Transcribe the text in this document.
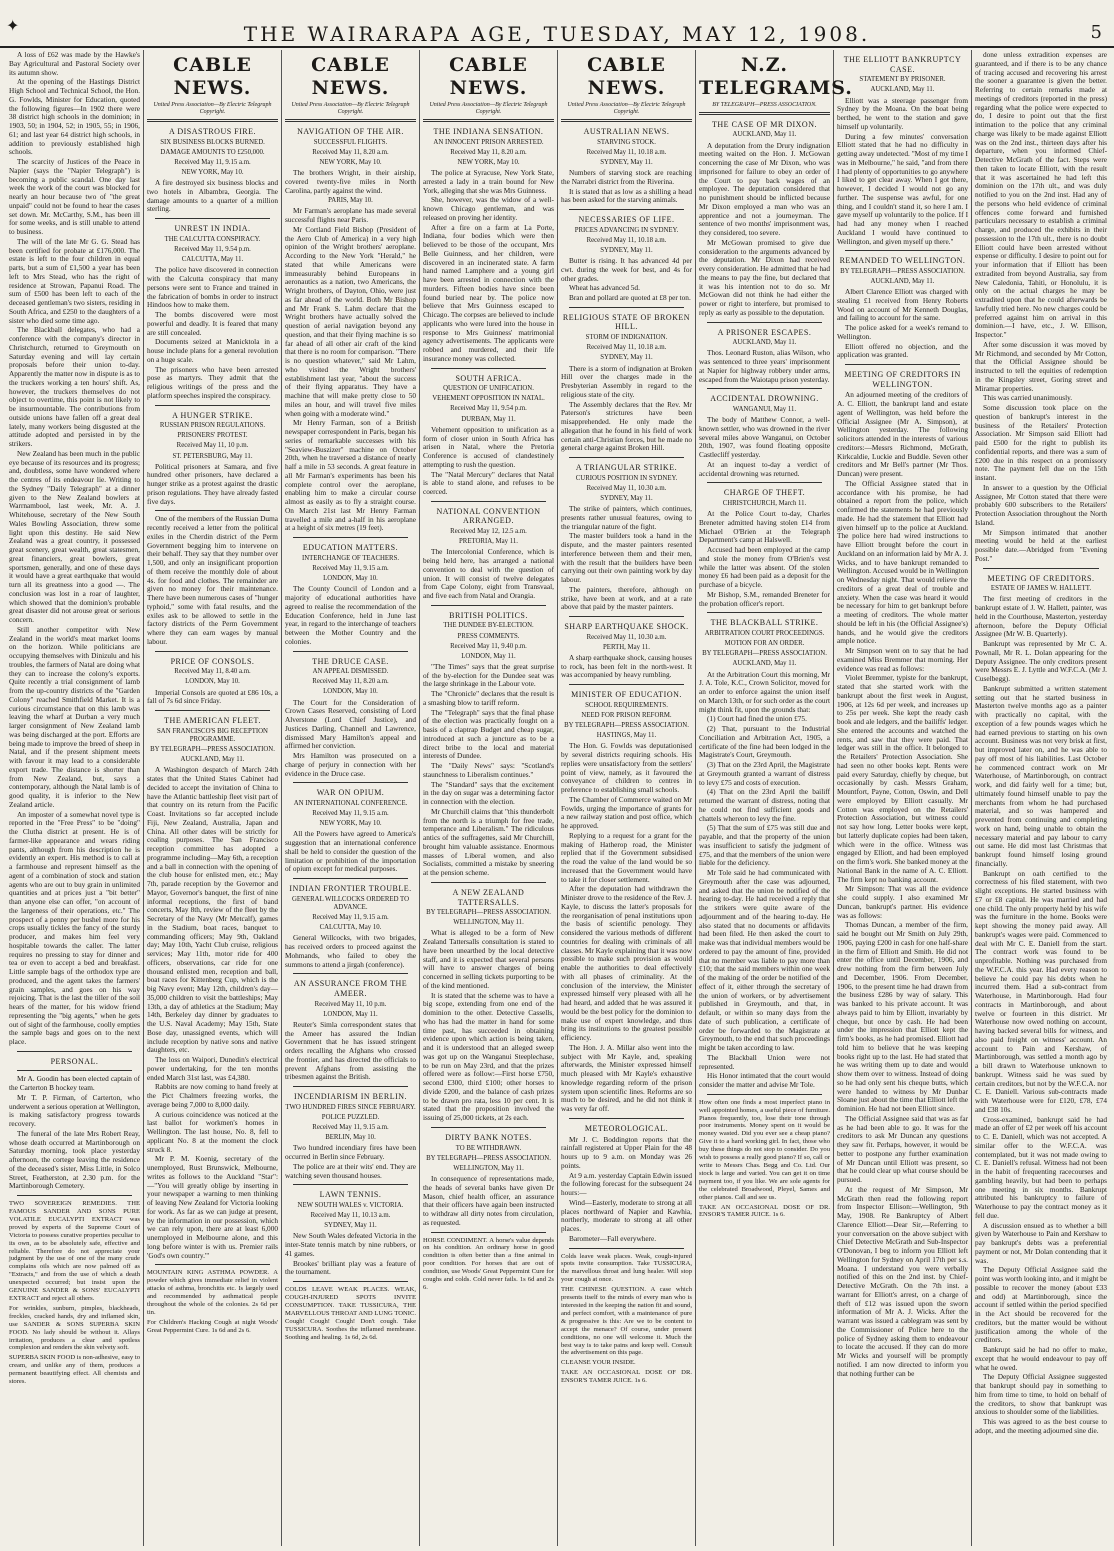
✦	THE WAIRARAPA AGE, TUESDAY, MAY 12, 1908.	5
A loss of £62 was made by the Hawke's Bay Agricultural and Pastoral Society over its autumn show.
At the opening of the Hastings District High School and Technical School, the Hon. G. Fowlds, Minister for Education, quoted the following figures—In 1902 there were 38 district high schools in the dominion; in 1903, 50; in 1904, 52; in 1905, 55; in 1906, 61; and last year 64 district high schools, in addition to previously established high schools.
The scarcity of Justices of the Peace in Napier (says the "Napier Telegraph") is becoming a public scandal. One day last week the work of the court was blocked for nearly an hour because two of "the great unpaid" could not be found to hear the cases set down. Mr. McCarthy, S.M., has been ill for some weeks, and is still unable to attend to business.
The will of the late Mr G. G. Stead has been certified for probate at £176,000. The estate is left to the four children in equal parts, but a sum of £1,500 a year has been left to Mrs Stead, who has the right of residence at Strowan, Papanui Road. The sum of £500 has been left to each of the deceased gentleman's two sisters, residing in South Africa, and £250 to the daughters of a sister who died some time ago.
The Blackball delegates, who had a conference with the company's director in Christchurch, returned to Greymouth on Saturday evening and will lay certain proposals before their union to-day. Apparently the matter now in dispute is as to the truckers working a ten hours' shift. As, however, the truckers themselves do not object to overtime, this point is not likely to be insurmountable. The contributions from outside unions have fallen off a great deal lately, many workers being disgusted at the attitude adopted and persisted in by the strikers.
New Zealand has been much in the public eye because of its resources and its progress; and, doubtless, some have wondered where the centres of its endeavour lie. Writing to the Sydney "Daily Telegraph" at a dinner given to the New Zealand bowlers at Warrnambool, last week, Mr. A. J. Whitehouse, secretary of the New South Wales Bowling Association, threw some light upon this destiny. He said New Zealand was a great country, it possessed great scenery, great wealth, great statesmen, great financiers, great bowlers, great sportsmen, generally, and one of these days it would have a great earthquake that would turn all its greatness into a good —. The conclusion was lost in a roar of laughter, which showed that the dominion's probable great disaster did not arouse great or serious concern.
Still another competitor with New Zealand in the world's meat market looms on the horizon. While politicians are occupying themselves with Dinizulu and his troubles, the farmers of Natal are doing what they can to increase the colony's exports. Quite recently a trial consignment of lamb from the up-country districts of the "Garden Colony" reached Smithfield Market. It is a curious circumstance that on this lamb was leaving the wharf at Durban a very much larger consignment of New Zealand lamb was being discharged at the port. Efforts are being made to improve the breed of sheep in Natal, and if the present shipment meets with favour it may lead to a considerable export trade. The distance is shorter than from New Zealand, but, says a contemporary, although the Natal lamb is of good quality, it is inferior to the New Zealand article.
An imposter of a somewhat novel type is reported in the "Free Press" to be "doing" the Clutha district at present. He is of farmer-like appearance and wears riding pants, although from his description he is evidently an expert. His method is to call at a farmhouse and represent himself as the agent of a combination of stock and station agents who are out to buy grain in unlimited quantities and at prices just a "bit better" than anyone else can offer, "on account of the largeness of their operations, etc." The prospect of a penny per bushel more for his crops usually tickles the fancy of the sturdy producer, and makes him feel very hospitable towards the caller. The latter requires no pressing to stay for dinner and tea or even to accept a bed and breakfast. Little sample bags of the orthodox type are produced, and the agent takes the farmers' grain samples, and goes on his way rejoicing. That is the last the tiller of the soil hears of the matter, for his widow friend representing the "big agents," when he gets out of sight of the farmhouse, coolly empties the sample bags and goes on to the next place.
PERSONAL.
Mr A. Goodin has been elected captain of the Carterton B hockey team.
Mr T. P. Firman, of Carterton, who underwent a serious operation at Wellington, is making satisfactory progress towards recovery.
The funeral of the late Mrs Robert Reay, whose death occurred at Martinborough on Saturday morning, took place yesterday afternoon, the cortege leaving the residence of the deceased's sister, Miss Little, in Solco Street, Featherston, at 2.30 p.m. for the Martinborough Cemetery.
TWO SOVEREIGN REMEDIES. THE FAMOUS SANDER AND SONS PURE VOLATILE EUCALYPTI EXTRACT was proved by experts of the Supreme Court of Victoria to possess curative properties peculiar to its own, as to be absolutely safe, effective and reliable. Therefore do not appreciate your judgment by the use of one of the many crude complains oils which are now palmed off as "Extracts," and from the use of which a death unexpected occurred; but insist upon the GENUINE SANDER & SONS' EUCALYPTI EXTRACT and reject all others.
For wrinkles, sunburn, pimples, blackheads, freckles, cracked hands, dry and inflamed skin, use SANDER & SONS SUPERBA SKIN FOOD. No lady should be without it. Allays irritation, produces a clear and spotless complexion and renders the skin velvety soft.
SUPERBA SKIN FOOD is non-adhesive, easy to cream, and unlike any of them, produces a permanent beautifying effect. All chemists and stores.
CABLE NEWS.
United Press Association—By Electric Telegraph Copyright.
A DISASTROUS FIRE.
SIX BUSINESS BLOCKS BURNED.
DAMAGE AMOUNTS TO £250,000.
Received May 11, 9.15 a.m.
NEW YORK, May 10.
A fire destroyed six business blocks and two hotels in Albambra, Georgia. The damage amounts to a quarter of a million sterling.
UNREST IN INDIA.
THE CALCUTTA CONSPIRACY.
Received May 11, 9.54 p.m.
CALCUTTA, May 11.
The police have discovered in connection with the Calcutta conspiracy that many persons were sent to France and trained in the fabrication of bombs in order to instruct Hindoos how to make them.
The bombs discovered were most powerful and deadly. It is feared that many are still concealed.
Documents seized at Manicktola in a house include plans for a general revolution on a huge scale.
The prisoners who have been arrested pose as martyrs. They admit that the religious writings of the press and the platform speeches inspired the conspiracy.
A HUNGER STRIKE.
RUSSIAN PRISON REGULATIONS.
PRISONERS' PROTEST.
Received May 11, 10 p.m.
ST. PETERSBURG, May 11.
Political prisoners at Samara, and five hundred other prisoners, have declared a hunger strike as a protest against the drastic prison regulations. They have already fasted five days.
One of the members of the Russian Duma recently received a letter from the political exiles in the Cherdin district of the Perm Government begging him to intervene on their behalf. They say that they number over 1,500, and only an insignificant proportion of them receive the monthly dole of about 4s. for food and clothes. The remainder are given no money for their maintenance. There have been numerous cases of "hunger typhoid," some with fatal results, and the exiles ask to be allowed to settle in the factory districts of the Perm Government where they can earn wages by manual labour.
PRICE OF CONSOLS.
Received May 11, 8.40 a.m.
LONDON, May 10.
Imperial Consols are quoted at £86 10s, a fall of 7s 6d since Friday.
THE AMERICAN FLEET.
SAN FRANCISCO'S BIG RECEPTION PROGRAMME.
BY TELEGRAPH—PRESS ASSOCIATION.
AUCKLAND, May 11.
A Washington despatch of March 24th states that the United States Cabinet had decided to accept the invitation of China to have the Atlantic battleship fleet visit part of that country on its return from the Pacific Coast. Invitations so far accepted include Fiji, New Zealand, Australia, Japan and China. All other dates will be strictly for coaling purposes. The San Francisco reception committee has adopted a programme including—May 6th, a reception and a ball in connection with the opening of the club house for enlisted men, etc.; May 7th, parade reception by the Governor and Mayor, Governor's banquet, the first of nine informal receptions, the first of band concerts, May 8th, review of the fleet by the Secretary of the Navy (Mr Metcalf), games in the Stadium, boat races, banquet to commanding officers; May 9th, Oakland day; May 10th, Yacht Club cruise, religious services; May 11th, motor ride for 400 officers, observations, car ride for one thousand enlisted men, reception and ball, boat races for Kittenberg Cup, which is the big Navy event; May 12th, children's day—35,000 children to visit the battleships; May 13th, a day of athletics at the Stadium; May 14th, Berkeley day dinner by graduates to the U.S. Naval Academy; May 15th, State Bose day, unassigned events, which will include reception by native sons and native daughters, etc.
The loss on Waipori, Dunedin's electrical power undertaking, for the ten months ended March 31st last, was £4,380.
Rabbits are now coming to hand freely at the Pict Chalmers freezing works, the average being 7,000 to 8,000 daily.
A curious coincidence was noticed at the last ballot for workmen's homes in Wellington. The last house, No. 8, fell to applicant No. 8 at the moment the clock struck 8.
Mr P. M. Koenig, secretary of the unemployed, Rust Brunswick, Melbourne, writes as follows to the Auckland "Star":—"You will greatly oblige by inserting in your newspaper a warning to men thinking of leaving New Zealand for Victoria looking for work. As far as we can judge at present, by the information in our possession, which we can rely upon, there are at least 6,000 unemployed in Melbourne alone, and this long before winter is with us. Premier rails 'God's own country.'"
MOUNTAIN KING ASTHMA POWDER. A powder which gives immediate relief in violent attacks of asthma, bronchitis etc. Is largely used and recommended by asthmatical people throughout the whole of the colonies. 2s 6d per tin.
For Children's Hacking Cough at night Woods' Great Peppermint Cure. 1s 6d and 2s 6.
CABLE NEWS.
United Press Association—By Electric Telegraph Copyright.
NAVIGATION OF THE AIR.
SUCCESSFUL FLIGHTS.
Received May 11, 8.20 a.m.
NEW YORK, May 10.
The brothers Wright, in their airship, covered twenty-five miles in North Carolina, partly against the wind.
PARIS, May 10.
Mr Farman's aeroplane has made several successful flights near Paris.
Mr Cortland Field Bishop (President of the Aero Club of America) in a very high opinion of the Wright brothers' aeroplane. According to the New York "Herald," he stated that while Americans were immeasurably behind Europeans in aeronautics as a nation, two Americans, the Wright brothers, of Dayton, Ohio, were just as far ahead of the world. Both Mr Bishop and Mr Frank S. Lahm declare that the Wright brothers have actually solved the question of aerial navigation beyond any question, and that their flying machine is so far ahead of all other air craft of the kind that there is no room for comparison. "There is no question whatever," said Mr Lahm, who visited the Wright brothers' establishment last year, "about the success of their flying apparatus. They have a machine that will make pretty close to 50 miles an hour, and will travel five miles when going with a moderate wind."
Mr Henry Farman, son of a British newspaper correspondent in Paris, began his series of remarkable successes with his "Seaview-Buszizer" machine on October 20th, when he traversed a distance of nearly half a mile in 53 seconds. A great feature in all Mr Farman's experiments has been his complete control over the aeroplane, enabling him to make a circular course almost as easily as to fly a straight course. On March 21st last Mr Henry Farman travelled a mile and a-half in his aeroplane at a height of six metres (19 feet).
EDUCATION MATTERS.
INTERCHANGE OF TEACHERS.
Received May 11, 9.15 a.m.
LONDON, May 10.
The County Council of London and a majority of educational authorities have agreed to realise the recommendation of the Education Conference, held in June last year, in regard to the interchange of teachers between the Mother Country and the colonies.
THE DRUCE CASE.
AN APPEAL DISMISSED.
Received May 11, 8.20 a.m.
LONDON, May 10.
The Court for the Consideration of Crown Cases Reserved, consisting of Lord Alverstone (Lord Chief Justice), and Justices Darling, Channell and Lawrence, dismissed Mary Hamilton's appeal and affirmed her conviction.
Mrs Hamilton was prosecuted on a charge of perjury in connection with her evidence in the Druce case.
WAR ON OPIUM.
AN INTERNATIONAL CONFERENCE.
Received May 11, 9.15 a.m.
NEW YORK, May 10.
All the Powers have agreed to America's suggestion that an international conference shall be held to consider the question of the limitation or prohibition of the importation of opium except for medical purposes.
INDIAN FRONTIER TROUBLE.
GENERAL WILLCOCKS ORDERED TO ADVANCE.
Received May 11, 9.15 a.m.
CALCUTTA, May 10.
General Willcocks, with two brigades, has received orders to proceed against the Mohmands, who failed to obey the summons to attend a jirgah (conference).
AN ASSURANCE FROM THE AMEER.
Received May 11, 10 p.m.
LONDON, May 11.
Reuter's Simla correspondent states that the Ameer has assured the Indian Government that he has issued stringent orders recalling the Afghans who crossed the frontier, and has directed the officials to prevent Afghans from assisting the tribesmen against the British.
INCENDIARISM IN BERLIN.
TWO HUNDRED FIRES SINCE FEBRUARY.
POLICE PUZZLED.
Received May 11, 9.15 a.m.
BERLIN, May 10.
Two hundred incendiary fires have been occurred in Berlin since February.
The police are at their wits' end. They are watching seven thousand houses.
LAWN TENNIS.
NEW SOUTH WALES v. VICTORIA.
Received May 11, 10.13 a.m.
SYDNEY, May 11.
New South Wales defeated Victoria in the inter-State tennis match by nine rubbers, or 41 games.
Brookes' brilliant play was a feature of the tournament.
COLDS LEAVE WEAK PLACES. WEAK, COUGH-INJURED SPOTS INVITE CONSUMPTION. TAKE TUSSICURA, THE MARVELLOUS THROAT AND LUNG TONIC. Cough! Cough! Cough! Don't cough. Take TUSSICURA. Soothes the inflamed membrane. Soothing and healing. 1s 6d, 2s 6d.
CABLE NEWS.
United Press Association—By Electric Telegraph Copyright.
THE INDIANA SENSATION.
AN INNOCENT PRISON ARRESTED.
Received May 11, 8.20 a.m.
NEW YORK, May 10.
The police at Syracuse, New York State, arrested a lady in a train bound for New York, alleging that she was Mrs Guinness.
She, however, was the widow of a well-known Chicago gentleman, and was released on proving her identity.
After a fire on a farm at La Porte, Indiana, four bodies which were then believed to be those of the occupant, Mrs Belle Guinness, and her children, were discovered in an incinerated state. A farm hand named Lamphere and a young girl have been arrested in connection with the murders. Fifteen bodies have since been found buried near by. The police now believe that Mrs Guinness escaped to Chicago. The corpses are believed to include applicants who were lured into the house in response to Mrs Guinness' matrimonial agency advertisements. The applicants were robbed and murdered, and their life insurance money was collected.
SOUTH AFRICA.
QUESTION OF UNIFICATION.
VEHEMENT OPPOSITION IN NATAL.
Received May 11, 9.54 p.m.
DURBAN, May 11.
Vehement opposition to unification as a form of closer union in South Africa has arisen in Natal, where the Pretoria Conference is accused of clandestinely attempting to rush the question.
The "Natal Mercury" declares that Natal is able to stand alone, and refuses to be coerced.
NATIONAL CONVENTION ARRANGED.
Received May 12, 12.5 a.m.
PRETORIA, May 11.
The Intercolonial Conference, which is being held here, has arranged a national convention to deal with the question of union. It will consist of twelve delegates from Cape Colony, eight from Transvaal, and five each from Natal and Orangia.
BRITISH POLITICS.
THE DUNDEE BY-ELECTION.
PRESS COMMENTS.
Received May 11, 9.40 p.m.
LONDON, May 11.
"The Times" says that the great surprise of the by-election for the Dundee seat was the large shrinkage in the Labour vote.
The "Chronicle" declares that the result is a smashing blow to tariff reform.
The "Telegraph" says that the final phase of the election was practically fought on a basis of a claptrap Budget and cheap sugar, introduced at such a juncture as to be a direct bribe to the local and material interests of Dundee.
The "Daily News" says: "Scotland's staunchness to Liberalism continues."
The "Standard" says that the excitement in the day on sugar was a determining factor in connection with the election.
Mr Churchill claims that "this thunderbolt from the north is a triumph for free trade, temperance and Liberalism." The ridiculous antics of the suffragettes, said Mr Churchill, brought him valuable assistance. Enormous masses of Liberal women, and also Socialists, committed a mistake by sneering at the pension scheme.
A NEW ZEALAND TATTERSALLS.
BY TELEGRAPH—PRESS ASSOCIATION.
WELLINGTON, May 11.
What is alleged to be a form of New Zealand Tattersalls consultation is stated to have been unearthed by the local detective staff, and it is expected that several persons will have to answer charges of being concerned in selling tickets purporting to be of the kind mentioned.
It is stated that the scheme was to have a big scope, extending from one end of the dominion to the other. Detective Cassells, who has had the matter in hand for some time past, has succeeded in obtaining evidence upon which action is being taken, and it is understood that an alleged sweep was got up on the Wanganui Steeplechase, to be run on May 23rd, and that the prizes offered were as follow:—First horse £750, second £300, third £100; other horses to divide £200, and the balance of cash prizes to be drawn pro rata, less 10 per cent. It is stated that the proposition involved the issuing of 25,000 tickets, at 2s each.
DIRTY BANK NOTES.
TO BE WITHDRAWN.
BY TELEGRAPH—PRESS ASSOCIATION.
WELLINGTON, May 11.
In consequence of representations made, the heads of several banks have given Dr Mason, chief health officer, an assurance that their officers have again been instructed to withdraw all dirty notes from circulation, as requested.
HORSE CONDIMENT. A horse's value depends on his condition. An ordinary horse in good condition is often better than a fine animal in poor condition. For horses that are out of condition, use Woods' Great Peppermint Cure for coughs and colds. Cold never fails. 1s 6d and 2s 6.
CABLE NEWS.
United Press Association—By Electric Telegraph Copyright.
AUSTRALIAN NEWS.
STARVING STOCK.
Received May 11, 10.18 a.m.
SYDNEY, May 11.
Numbers of starving stock are reaching the Narrabri district from the Riverina.
It is stated that as low as a shilling a head has been asked for the starving animals.
NECESSARIES OF LIFE.
PRICES ADVANCING IN SYDNEY.
Received May 11, 10.18 a.m.
SYDNEY, May 11.
Butter is rising. It has advanced 4d per cwt. during the week for best, and 4s for other grades.
Wheat has advanced 5d.
Bran and pollard are quoted at £8 per ton.
RELIGIOUS STATE OF BROKEN HILL.
STORM OF INDIGNATION.
Received May 11, 10.18 a.m.
SYDNEY, May 11.
There is a storm of indignation at Broken Hill over the charges made in the Presbyterian Assembly in regard to the religious state of the city.
The Assembly declares that the Rev. Mr Paterson's strictures have been misapprehended. He only made the allegation that he found in his field of work certain anti-Christian forces, but he made no general charge against Broken Hill.
A TRIANGULAR STRIKE.
CURIOUS POSITION IN SYDNEY.
Received May 11, 10.30 a.m.
SYDNEY, May 11.
The strike of painters, which continues, presents rather unusual features, owing to the triangular nature of the fight.
The master builders took a hand in the dispute, and the master painters resented interference between them and their men, with the result that the builders have been carrying out their own painting work by day labour.
The painters, therefore, although on strike, have been at work, and at a rate above that paid by the master painters.
SHARP EARTHQUAKE SHOCK.
Received May 11, 10.30 a.m.
PERTH, May 11.
A sharp earthquake shock, causing houses to rock, has been felt in the north-west. It was accompanied by heavy rumbling.
MINISTER OF EDUCATION.
SCHOOL REQUIREMENTS.
NEED FOR PRISON REFORM.
BY TELEGRAPH—PRESS ASSOCIATION.
HASTINGS, May 11.
The Hon. G. Fowlds was deputationised by several districts requiring schools. His replies were unsatisfactory from the settlers' point of view, namely, as it favoured the conveyance of children to centres in preference to establishing small schools.
The Chamber of Commerce waited on Mr Fowlds, urging the importance of grants for a new railway station and post office, which he approved.
Replying to a request for a grant for the making of Hatherop road, the Minister replied that if the Government subsidised the road the value of the land would be so increased that the Government would have to take it for closer settlement.
After the deputation had withdrawn the Minister drove to the residence of the Rev. J. Kayle, to discuss the latter's proposals for the reorganisation of penal institutions upon the basis of scientific penology. They considered the various methods of different countries for dealing with criminals of all classes. Mr Kayle explaining that it was now possible to make such provision as would enable the authorities to deal effectively with all phases of criminality. At the conclusion of the interview, the Minister expressed himself very pleased with all he had heard, and added that he was assured it would be the best policy for the dominion to make use of expert knowledge, and thus bring its institutions to the greatest possible efficiency.
The Hon. J. A. Millar also went into the subject with Mr Kayle, and, speaking afterwards, the Minister expressed himself much pleased with Mr Kayle's exhaustive knowledge regarding reform of the prison system upon scientific lines. Reforms are so much to be desired, and he did not think it was very far off.
METEOROLOGICAL.
Mr J. C. Boddington reports that the rainfall registered at Upper Plain for the 48 hours up to 9 a.m. on Monday was 26 points.
At 9 a.m. yesterday Captain Edwin issued the following forecast for the subsequent 24 hours:—
Wind—Easterly, moderate to strong at all places northward of Napier and Kawhia, northerly, moderate to strong at all other places.
Barometer—Fall everywhere.
Colds leave weak places. Weak, cough-injured spots invite consumption. Take TUSSICURA, the marvellous throat and lung healer. Will stop your cough at once.
THE CHINESE QUESTION. A case which presents itself to the minds of every man who is interested in the keeping the nation fit and sound, and perfect comfort, with a maintenance of pure & progressive is this: Are we to be content to accept the menace? Of course, under present conditions, no one will welcome it. Much the best way is to take pains and keep well. Consult the advertisement on this page.
CLEANSE YOUR INSIDE.
TAKE AN OCCASIONAL DOSE OF DR. ENSOR'S TAMER JUICE. 1s 6.
N.Z. TELEGRAMS.
BY TELEGRAPH—PRESS ASSOCIATION.
THE CASE OF MR DIXON.
AUCKLAND, May 11.
A deputation from the Drury indignation meeting waited on the Hon. J. McGowan concerning the case of Mr Dixon, who was imprisoned for failure to obey an order of the Court to pay back wages of an employee. The deputation considered that no punishment should be inflicted because Mr Dixon employed a man who was an apprentice and not a journeyman. The sentence of two months' imprisonment was, they considered, too severe.
Mr McGowan promised to give due consideration to the arguments advanced by the deputation. Mr Dixon had received every consideration. He admitted that he had the means to pay the fine, but declared that it was his intention not to do so. Mr McGowan did not think he had either the power or right to interfere, but promised to reply as early as possible to the deputation.
A PRISONER ESCAPES.
AUCKLAND, May 11.
Thos. Leonard Ruston, alias Wilson, who was sentenced to three years' imprisonment at Napier for highway robbery under arms, escaped from the Waiotapu prison yesterday.
ACCIDENTAL DROWNING.
WANGANUI, May 11.
The body of Matthew Connor, a well-known settler, who was drowned in the river several miles above Wanganui, on October 20th, 1907, was found floating opposite Castlecliff yesterday.
At an inquest to-day a verdict of accidental drowning was returned.
CHARGE OF THEFT.
CHRISTCHURCH, March 11.
At the Police Court to-day, Charles Breneter admitted having stolen £14 from Michael O'Brien at the Telegraph Department's camp at Halswell.
Accused had been employed at the camp and stole the money from O'Brien's vest while the latter was absent. Of the stolen money £6 had been paid as a deposit for the purchase of a bicycle.
Mr Bishop, S.M., remanded Breneter for the probation officer's report.
THE BLACKBALL STRIKE.
ARBITRATION COURT PROCEEDINGS.
MOTION FOR AN ORDER.
BY TELEGRAPH—PRESS ASSOCIATION.
AUCKLAND, May 11.
At the Arbitration Court this morning, Mr J. A. Tole, K.C., Crown Solicitor, moved for an order to enforce against the union itself on March 13th, or for such order as the court might think fit, upon the grounds that:
(1) Court had fined the union £75.
(2) That, pursuant to the Industrial Conciliation and Arbitration Act, 1905, a certificate of the fine had been lodged in the Magistrate's Court, Greymouth.
(3) That on the 23rd April, the Magistrate at Greymouth granted a warrant of distress to levy £75 and costs of execution.
(4) That on the 23rd April the bailiff returned the warrant of distress, noting that he could not find sufficient goods and chattels whereon to levy the fine.
(5) That the sum of £75 was still due and payable, and that the property of the union was insufficient to satisfy the judgment of £75, and that the members of the union were liable for the deficiency.
Mr Tole said he had communicated with Greymouth after the case was adjourned, and asked that the union be notified of the hearing to-day. He had received a reply that the strikers were quite aware of the adjournment and of the hearing to-day. He also stated that no documents or affidavits had been filed. He then asked the court to make was that individual members would be ordered to pay the amount of fine, provided that no member was liable to pay more than £10; that the said members within one week of the making of the order be notified of the effect of it, either through the secretary of the union of workers, or by advertisement published in Greymouth, and that, in default, or within so many days from the date of such publication, a certificate of order be forwarded to the Magistrate at Greymouth, to the end that such proceedings might be taken according to law.
The Blackball Union were not represented.
His Honor intimated that the court would consider the matter and advise Mr Tole.
How often one finds a most imperfect piano in well appointed homes, a useful piece of furniture. Pianos frequently, too, lose their tone through poor instruments. Money spent on it would be money wasted. Did you ever see a cheap piano? Give it to a hard working girl. In fact, those who buy these things do not stop to consider. Do you wish to possess a really good piano? If so, call or write to Messrs Chas. Begg and Co. Ltd. Our stock is large and varied. You can get it on time payment too, if you like. We are sole agents for the celebrated Broadwood, Pleyel, Sames and other pianos. Call and see us.
TAKE AN OCCASIONAL DOSE OF DR. ENSOR'S TAMER JUICE. 1s 6.
THE ELLIOTT BANKRUPTCY CASE.
STATEMENT BY PRISONER.
AUCKLAND, May 11.
Elliott was a steerage passenger from Sydney by the Moana. On the boat being berthed, he went to the station and gave himself up voluntarily.
During a few minutes' conversation Elliott stated that he had no difficulty in getting away undetected. "Most of my time I was in Melbourne," he said, "and from there I had plenty of opportunities to go anywhere I liked to get clear away. When I got there, however, I decided I would not go any further. The suspense was awful, for one thing, and I couldn't stand it, so here I am. I gave myself up voluntarily to the police. If I had had any money when I reached Auckland I would have continued to Wellington, and given myself up there."
REMANDED TO WELLINGTON.
BY TELEGRAPH—PRESS ASSOCIATION.
AUCKLAND, May 11.
Albert Clarence Elliott was charged with stealing £1 received from Henry Roberts Wood on account of Mr Kenneth Douglas, and failing to account for the same.
The police asked for a week's remand to Wellington.
Elliott offered no objection, and the application was granted.
MEETING OF CREDITORS IN WELLINGTON.
An adjourned meeting of the creditors of A. C. Elliott, the bankrupt land and estate agent of Wellington, was held before the Official Assignee (Mr A. Simpson), at Wellington yesterday. The following solicitors attended in the interests of various creditors:—Messrs Richmond, McGrath, Kirkcaldie, Luckie and Buddle. Seven other creditors and Mr Bell's partner (Mr Thos. Duncan) were present.
The Official Assignee stated that in accordance with his promise, he had obtained a report from the police, which confirmed the statements he had previously made. He had the statement that Elliott had given himself up to the police at Auckland. The police here had wired instructions to have Elliott brought before the court in Auckland on an information laid by Mr A. J. Wicks, and to have bankrupt remanded to Wellington. Accused would be in Wellington on Wednesday night. That would relieve the creditors of a great deal of trouble and anxiety. When the case was heard it would be necessary for him to get bankrupt before a meeting of creditors. The whole matter should be left in his (the Official Assignee's) hands, and he would give the creditors ample notice.
Mr Simpson went on to say that he had examined Miss Bremmer that morning. Her evidence was read as follows:
Violet Bremmer, typiste for the bankrupt, stated that she started work with the bankrupt about the first week in August, 1906, at 12s 6d per week, and increases up to 25s per week. She kept the ready cash book and ale ledgers, and the bailiffs' ledger. She entered the accounts and watched the rents, and saw that they were paid. That ledger was still in the office. It belonged to the Retailers' Protection Association. She had seen no other books kept. Rents were paid every Saturday, chiefly by cheque, but occasionally by cash. Messrs Graham, Mountfort, Payne, Cotton, Oswin, and Dell were employed by Elliott casually. Mr Cotton was employed on the Retailers' Protection Association, but witness could not say how long. Letter books were kept, but latterly duplicate copies had been taken, which were in the office. Witness was engaged by Elliott, and had been employed on the firm's work. She banked money at the National Bank in the name of A. C. Elliott. The firm kept no banking account.
Mr Simpson: That was all the evidence she could supply. I also examined Mr Duncan, bankrupt's partner. His evidence was as follows:
Thomas Duncan, a member of the firm, said he bought out Mr Smith on July 29th, 1906, paying £200 in cash for one half-share in the firm of Elliott and Smith. He did not enter the office until December, 1906, and drew nothing from the firm between July and December, 1906. From December, 1906, to the present time he had drawn from the business £286 by way of salary. This was banked to his private account. It was always paid to him by Elliott, invariably by cheque, but once by cash. He had been under the impression that Elliott kept the firm's books, as he had promised. Elliott had told him to believe that he was keeping books right up to the last. He had stated that he was writing them up to date and would show them over to witness. Instead of doing so he had only sent his cheque butts, which were handed to witness by Mr Dunbar Sloane just about the time that Elliott left the dominion. He had not been Elliott since.
The Official Assignee said that was as far as he had been able to go. It was for the creditors to ask Mr Duncan any questions they saw fit. Perhaps, however, it would be better to postpone any further examination of Mr Duncan until Elliott was present, so that he could clear up what course should be pursued.
At the request of Mr Simpson, Mr McGrath then read the following report from Inspector Ellison:—Wellington, 9th May, 1908. Re Bankruptcy of Albert Clarence Elliott—Dear Sir,—Referring to your conversation on the above subject with Chief Detective McGrath and Sub-Inspector O'Donovan, I beg to inform you Elliott left Wellington for Sydney on April 17th per s.s. Moana. I understand you were verbally notified of this on the 2nd inst. by Chief-Detective McGrath. On the 7th inst. a warrant for Elliott's arrest, on a charge of theft of £12 was issued upon the sworn information of Mr A. J. Wicks. After the warrant was issued a cablegram was sent by the Commissioner of Police here to the police of Sydney asking them to endeavour to locate the accused. If they can do more Mr Wicks and yourself will be promptly notified. I am now directed to inform you that nothing further can be
done unless extradition expenses are guaranteed, and if there is to be any chance of tracing accused and recovering his arrest the sooner a guarantee is given the better. Referring to certain remarks made at meetings of creditors (reported in the press) regarding what the police were expected to do, I desire to point out that the first intimation to the police that any criminal charge was likely to be made against Elliott was on the 2nd inst., thirteen days after his departure, when you informed Chief-Detective McGrath of the fact. Steps were then taken to locate Elliott, with the result that it was ascertained he had left this dominion on the 17th ult., and was duly notified to you on the 2nd inst. Had any of the persons who held evidence of criminal offences come forward and furnished particulars necessary to establish a criminal charge, and produced the exhibits in their possession to the 17th ult., there is no doubt Elliott could have been arrested without expense or difficulty. I desire to point out for your information that if Elliott has been extradited from beyond Australia, say from New Caledonia, Tahiti, or Honolulu, it is only on the actual charges he may be extradited upon that he could afterwards be lawfully tried here. No new charges could be preferred against him on arrival in this dominion.—I have, etc., J. W. Ellison, Inspector."
After some discussion it was moved by Mr Richmond, and seconded by Mr Cotton, that the Official Assignee should be instructed to tell the equities of redemption in the Kingsley street, Goring street and Miramar properties.
This was carried unanimously.
Some discussion took place on the question of bankrupt's interest in the business of the Retailers' Protection Association. Mr Simpson said Elliott had paid £500 for the right to publish its confidential reports, and there was a sum of £200 due in this respect on a promissory note. The payment fell due on the 15th instant.
In answer to a question by the Official Assignee, Mr Cotton stated that there were probably 600 subscribers to the Retailers' Protection Association throughout the North Island.
Mr Simpson intimated that another meeting would be held at the earliest possible date.—Abridged from "Evening Post."
MEETING OF CREDITORS.
ESTATE OF JAMES W. HALLETT.
The first meeting of creditors in the bankrupt estate of J. W. Hallett, painter, was held in the Courthouse, Masterton, yesterday afternoon, before the Deputy Official Assignee (Mr W. B. Quarterly).
Bankrupt was represented by Mr C. A. Pownall, Mr R. L. Dolan appearing for the Deputy Assignee. The only creditors present were Messrs E. J. Lyttle and W.F.C.A. (Mr J. Cuselbegg).
Bankrupt submitted a written statement setting out that he started business in Masterton twelve months ago as a painter with practically no capital, with the exception of a few pounds wages which he had earned previous to starting on his own account. Business was not very brisk at first, but improved later on, and he was able to pay off most of his liabilities. Last October he commenced contract work on Mr Waterhouse, of Martinborough, on contract work, and did fairly well for a time; but, ultimately found himself unable to pay the merchants from whom he had purchased material, and so was hampered and prevented from continuing and completing work on hand, being unable to obtain the necessary material and pay labour to carry out same. He did most last Christmas that bankrupt found himself losing ground financially.
Bankrupt on oath certified to the correctness of his filed statement, with two slight exceptions. He started business with £7 or £8 capital. He was married and had one child. The only property held by his wife was the furniture in the home. Books were kept showing the money paid away. All bankrupt's wages were paid. Commenced to deal with Mr C. E. Daniell from the start. The contract work was found to be unprofitable. Nothing was purchased from the W.F.C.A. this year. Had every reason to believe he could pay his debts when he incurred them. Had a sub-contract from Waterhouse, in Martinborough. Had four contracts in Martinborough, and about twelve or fourteen in this district. Mr Waterhouse now owed nothing on account, having backed several bills for witness, and also paid freight on witness' account. An account to Pain and Kershaw, of Martinborough, was settled a month ago by a bill drawn to Waterhouse unknown to bankrupt. Witness said he was sued by certain creditors, but not by the W.F.C.A. nor C. E. Daniell. Various sub-contracts made with Waterhouse were for £120, £78, £74 and £38 10s.
Cross-examined, bankrupt said he had made an offer of £2 per week off his account to C. E. Daniell, which was not accepted. A similar offer to the W.F.C.A. was contemplated, but it was not made owing to C. E. Daniell's refusal. Witness had not been in the habit of frequenting racecourses and gambling heavily, but had been to perhaps one meeting in six months. Bankrupt attributed his bankruptcy to failure of Waterhouse to pay the contract money as it fell due.
A discussion ensued as to whether a bill given by Waterhouse to Pain and Kershaw to pay bankrupt's debts was a preferential payment or not, Mr Dolan contending that it was.
The Deputy Official Assignee said the point was worth looking into, and it might be possible to recover the money (about £33 and odd) at Martinborough, since the account if settled within the period specified in the Act should be recovered for the creditors, but the matter would be without justification among the whole of the creditors.
Bankrupt said he had no offer to make, except that he would endeavour to pay off what he owed.
The Deputy Official Assignee suggested that bankrupt should pay in something to him from time to time, to hold on behalf of the creditors, to show that bankrupt was anxious to shoulder some of the liabilities.
This was agreed to as the best course to adopt, and the meeting adjourned sine die.
